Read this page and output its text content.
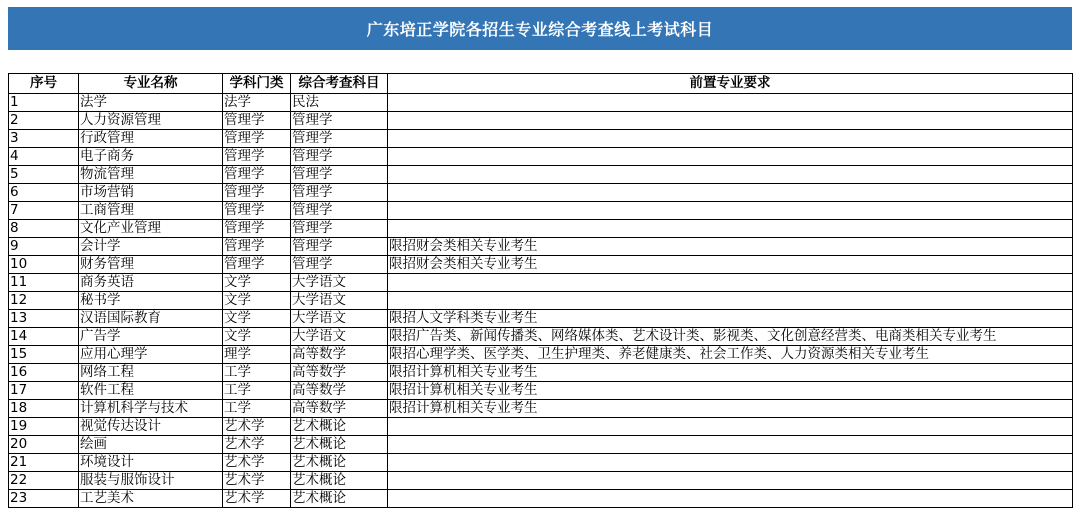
广东培正学院各招生专业综合考查线上考试科目
序号	专业名称	学科门类	综合考查科目	前置专业要求
1	法学	法学	民法	
2	人力资源管理	管理学	管理学	
3	行政管理	管理学	管理学	
4	电子商务	管理学	管理学	
5	物流管理	管理学	管理学	
6	市场营销	管理学	管理学	
7	工商管理	管理学	管理学	
8	文化产业管理	管理学	管理学	
9	会计学	管理学	管理学	限招财会类相关专业考生
10	财务管理	管理学	管理学	限招财会类相关专业考生
11	商务英语	文学	大学语文	
12	秘书学	文学	大学语文	
13	汉语国际教育	文学	大学语文	限招人文学科类专业考生
14	广告学	文学	大学语文	限招广告类、新闻传播类、网络媒体类、艺术设计类、影视类、文化创意经营类、电商类相关专业考生
15	应用心理学	理学	高等数学	限招心理学类、医学类、卫生护理类、养老健康类、社会工作类、人力资源类相关专业考生
16	网络工程	工学	高等数学	限招计算机相关专业考生
17	软件工程	工学	高等数学	限招计算机相关专业考生
18	计算机科学与技术	工学	高等数学	限招计算机相关专业考生
19	视觉传达设计	艺术学	艺术概论	
20	绘画	艺术学	艺术概论	
21	环境设计	艺术学	艺术概论	
22	服装与服饰设计	艺术学	艺术概论	
23	工艺美术	艺术学	艺术概论	
